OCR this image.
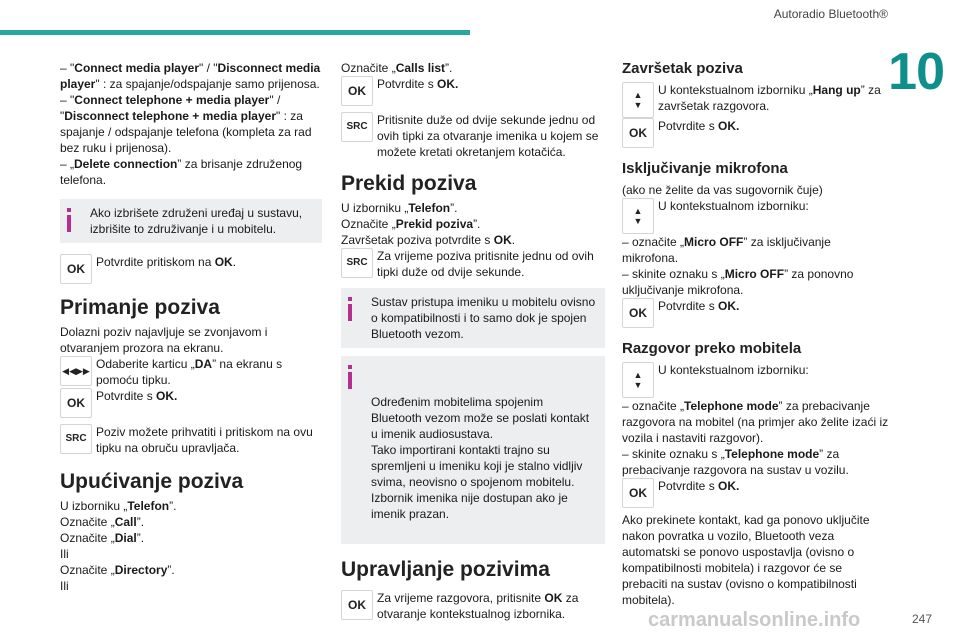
Autoradio Bluetooth®
10

– "Connect media player" / "Disconnect media player" : za spajanje/odspajanje samo prijenosa.

– "Connect telephone + media player" / "Disconnect telephone + media player" : za spajanje / odspajanje telefona (kompleta za rad bez ruku i prijenosa).

– „Delete connection” za brisanje združenog telefona.

Ako izbrišete združeni uređaj u sustavu, izbrišite to združivanje i u mobitelu.

OK Potvrdite pritiskom na OK.

Primanje poziva

Dolazni poziv najavljuje se zvonjavom i otvaranjem prozora na ekranu.

◀◀ ▶▶ Odaberite karticu „DA” na ekranu s pomoću tipku.

OK Potvrdite s OK.

SRC Poziv možete prihvatiti i pritiskom na ovu tipku na obruču upravljača.

Upućivanje poziva

U izborniku „Telefon”.

Označite „Call”.

Označite „Dial”.

Ili

Označite „Directory”.

Ili

Označite „Calls list”.

OK Potvrdite s OK.

SRC Pritisnite duže od dvije sekunde jednu od ovih tipki za otvaranje imenika u kojem se možete kretati okretanjem kotačića.

Prekid poziva

U izborniku „Telefon”.

Označite „Prekid poziva”.

Završetak poziva potvrdite s OK.

SRC Za vrijeme poziva pritisnite jednu od ovih tipki duže od dvije sekunde.

Sustav pristupa imeniku u mobitelu ovisno o kompatibilnosti i to samo dok je spojen Bluetooth vezom.

Određenim mobitelima spojenim Bluetooth vezom može se poslati kontakt u imenik audiosustava.
Tako importirani kontakti trajno su spremljeni u imeniku koji je stalno vidljiv svima, neovisno o spojenom mobitelu.
Izbornik imenika nije dostupan ako je imenik prazan.

Upravljanje pozivima
OK Za vrijeme razgovora, pritisnite OK za otvaranje kontekstualnog izbornika.

Završetak poziva
▲
▼

U kontekstualnom izborniku „Hang up” za završetak razgovora.

OK Potvrdite s OK.

Isključivanje mikrofona

(ako ne želite da vas sugovornik čuje)

▲
▼

U kontekstualnom izborniku:

– označite „Micro OFF” za isključivanje mikrofona.

– skinite oznaku s „Micro OFF” za ponovno uključivanje mikrofona.

OK Potvrdite s OK.

Razgovor preko mobitela
▲
▼

U kontekstualnom izborniku:

– označite „Telephone mode” za prebacivanje razgovora na mobitel (na primjer ako želite izaći iz vozila i nastaviti razgovor).

– skinite oznaku s „Telephone mode” za prebacivanje razgovora na sustav u vozilu.

OK Potvrdite s OK.

Ako prekinete kontakt, kad ga ponovo uključite nakon povratka u vozilo, Bluetooth veza automatski se ponovo uspostavlja (ovisno o kompatibilnosti mobitela) i razgovor će se prebaciti na sustav (ovisno o kompatibilnosti mobitela).

carmanualsonline.info	247
